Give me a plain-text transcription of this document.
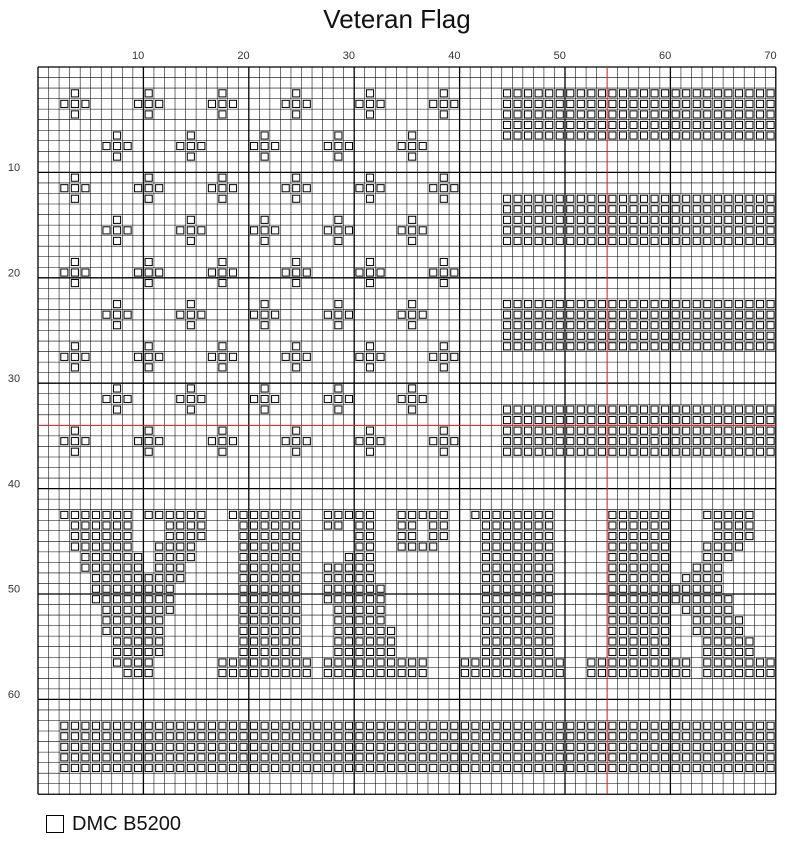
Veteran Flag
10	20	30	40	50	60	70
10
20
30
40
50
60
DMC B5200
